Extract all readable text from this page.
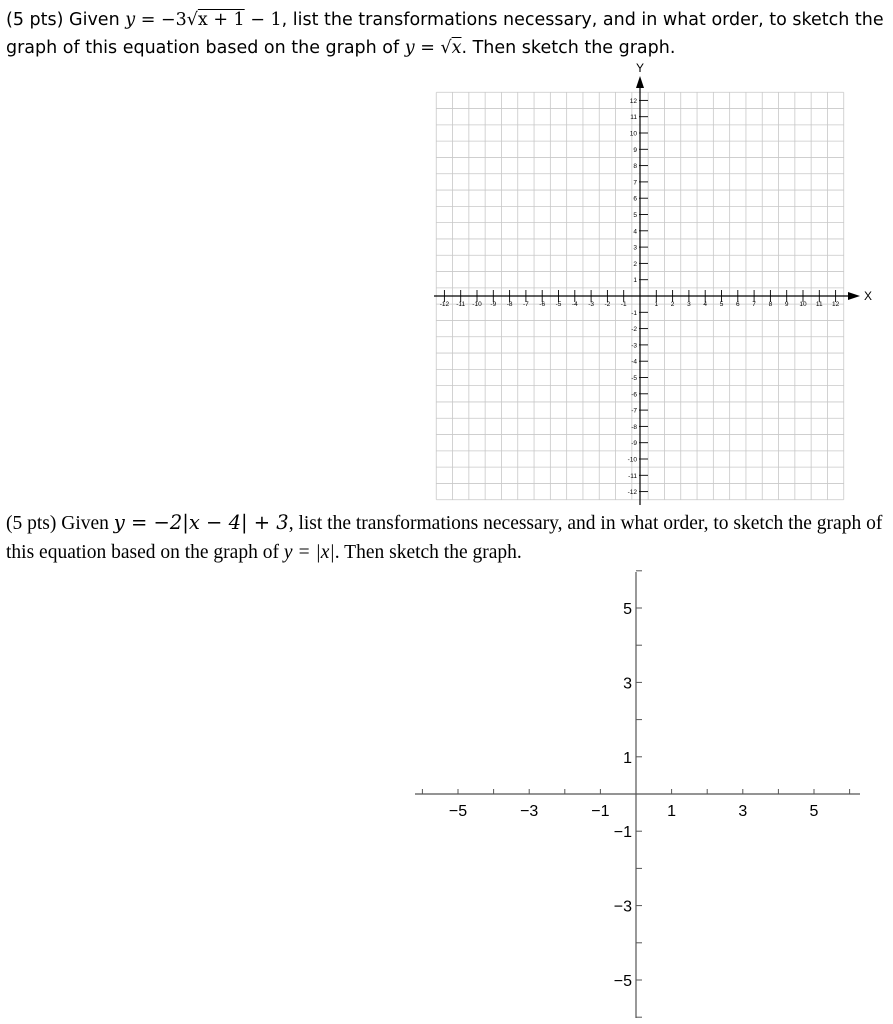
(5 pts) Given y = −3√x + 1 − 1, list the transformations necessary, and in what order, to sketch the graph of this equation based on the graph of y = √x. Then sketch the graph.
(5 pts) Given y = −2|x − 4| + 3, list the transformations necessary, and in what order, to sketch the graph of this equation based on the graph of y = |x|. Then sketch the graph.
X
Y
-12 -11 -10 -9 -8 -7 -6 -5 -4 -3 -2 -1	1 2 3 4 5 6 7 8 9 10 11 12
12
11
10
9
8
7
6
5
4
3
2
1
-1
-2
-3
-4
-5
-6
-7
-8
-9
-10
-11
-12
−5	−3	−1	1	3	5
5
3
1
−1
−3
−5
